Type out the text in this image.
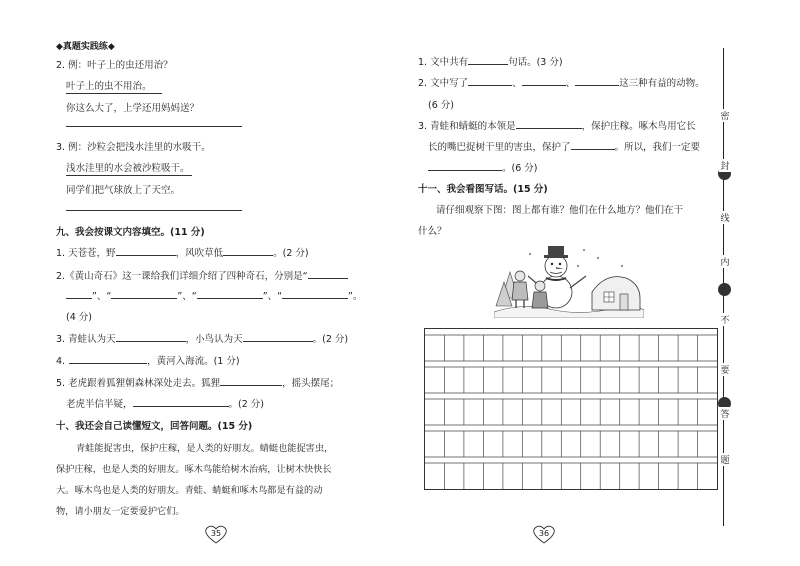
◆真题实践练◆
2. 例：叶子上的虫还用治？
叶子上的虫不用治。
你这么大了，上学还用妈妈送？
3. 例：沙粒会把浅水洼里的水吸干。
浅水洼里的水会被沙粒吸干。
同学们把气球放上了天空。
九、我会按课文内容填空。(11 分)
1. 天苍苍，野	，风吹草低	。(2 分)
2.《黄山奇石》这一课给我们详细介绍了四种奇石，分别是“
”、“	”、“	”、“	”。
(4 分)
3. 青蛙认为天	，小鸟认为天	。(2 分)
4.	，黄河入海流。(1 分)
5. 老虎跟着狐狸朝森林深处走去。狐狸	，摇头摆尾；
老虎半信半疑，	。(2 分)
十、我还会自己读懂短文，回答问题。(15 分)
青蛙能捉害虫，保护庄稼，是人类的好朋友。蜻蜓也能捉害虫，
保护庄稼，也是人类的好朋友。啄木鸟能给树木治病，让树木快快长
大。啄木鸟也是人类的好朋友。青蛙、蜻蜓和啄木鸟都是有益的动
物，请小朋友一定要爱护它们。
35
1. 文中共有	句话。(3 分)
2. 文中写了	、	、	这三种有益的动物。
(6 分)
3. 青蛙和蜻蜓的本领是	，保护庄稼。啄木鸟用它长
长的嘴巴捉树干里的害虫，保护了	。所以，我们一定要
。(6 分)
十一、我会看图写话。(15 分)
请仔细观察下图：图上都有谁？他们在什么地方？他们在干
什么？
36
密
封
线
内
不
要
答
题
